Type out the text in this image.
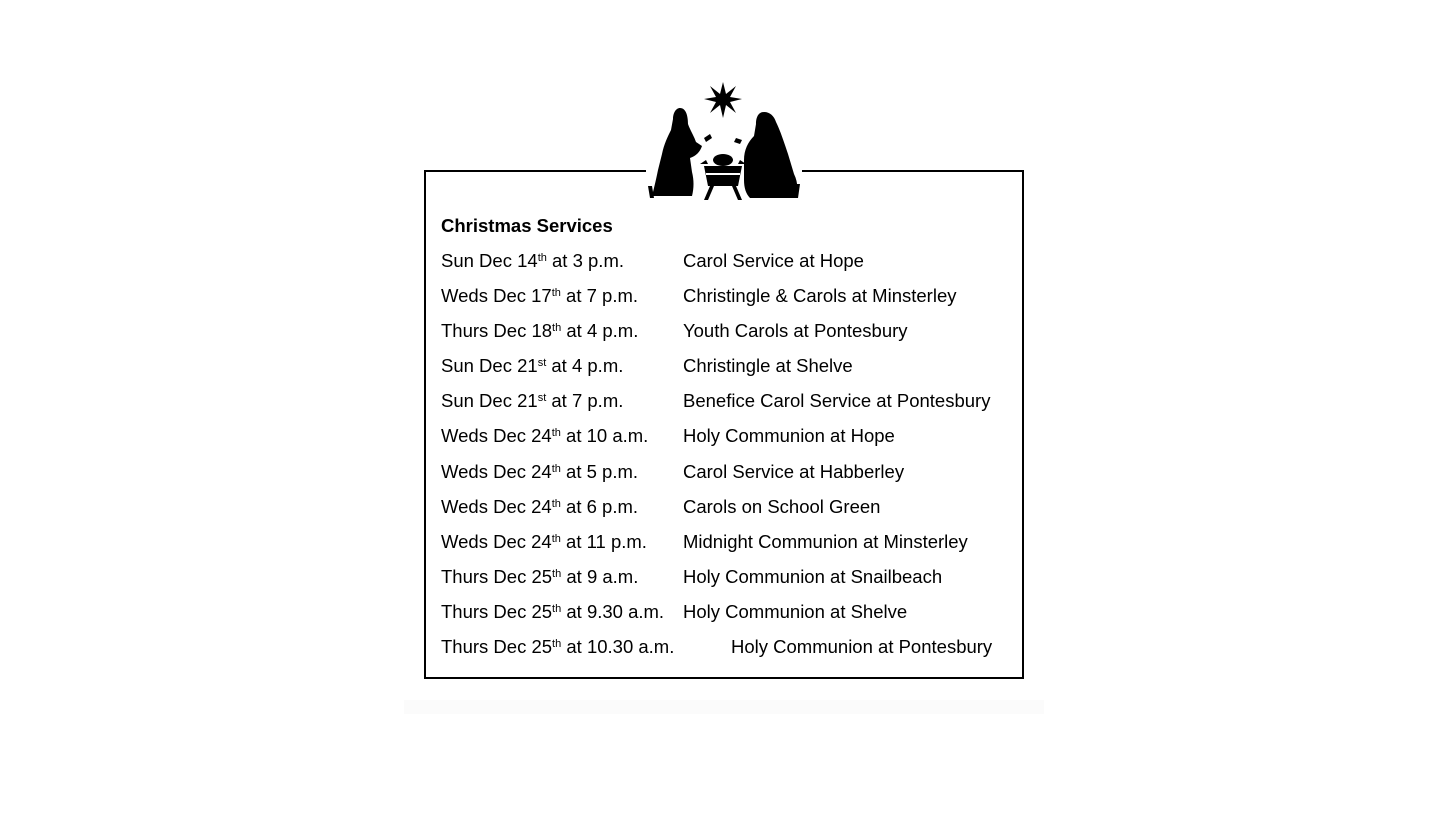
Christmas Services
Sun Dec 14th at 3 p.m.	Carol Service at Hope
Weds Dec 17th at 7 p.m. Christingle & Carols at Minsterley
Thurs Dec 18th at 4 p.m. Youth Carols at Pontesbury
Sun Dec 21st at 4 p.m.	Christingle at Shelve
Sun Dec 21st at 7 p.m.	Benefice Carol Service at Pontesbury
Weds Dec 24th at 10 a.m. Holy Communion at Hope
Weds Dec 24th at 5 p.m. Carol Service at Habberley
Weds Dec 24th at 6 p.m. Carols on School Green
Weds Dec 24th at 11 p.m. Midnight Communion at Minsterley
Thurs Dec 25th at 9 a.m. Holy Communion at Snailbeach
Thurs Dec 25th at 9.30 a.m. Holy Communion at Shelve
Thurs Dec 25th at 10.30 a.m.	Holy Communion at Pontesbury
